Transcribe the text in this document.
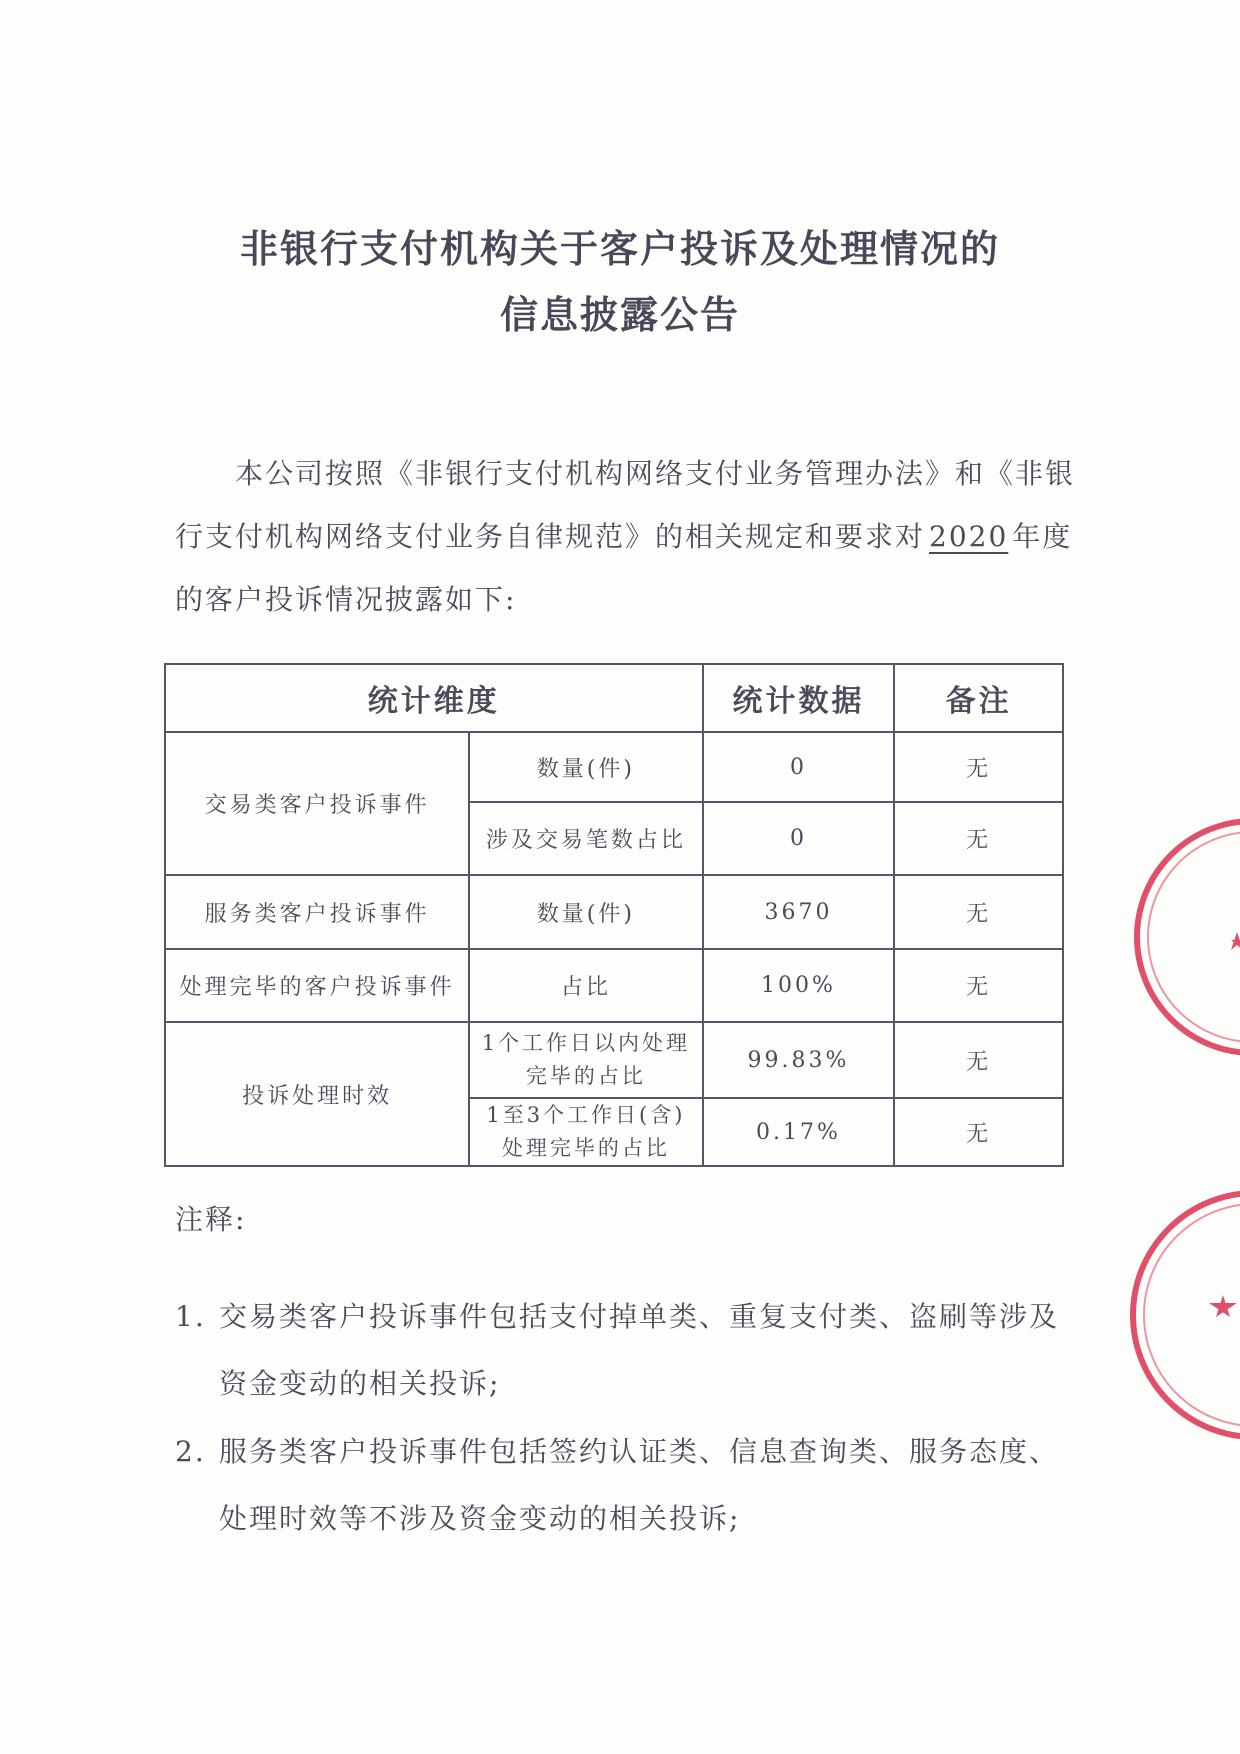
非银行支付机构关于客户投诉及处理情况的
信息披露公告
本公司按照《非银行支付机构网络支付业务管理办法》和《非银行支付机构网络支付业务自律规范》的相关规定和要求对 2020 年度的客户投诉情况披露如下:
统计维度		统计数据	备注
交易类客户投诉事件	数量(件)	0	无
	涉及交易笔数占比	0	无
服务类客户投诉事件	数量(件)	3670	无
处理完毕的客户投诉事件	占比	100%	无
投诉处理时效	1个工作日以内处理完毕的占比	99.83%	无
	1至3个工作日(含)处理完毕的占比	0.17%	无
注释:
1. 交易类客户投诉事件包括支付掉单类、重复支付类、盗刷等涉及
资金变动的相关投诉;
2. 服务类客户投诉事件包括签约认证类、信息查询类、服务态度、
处理时效等不涉及资金变动的相关投诉;
